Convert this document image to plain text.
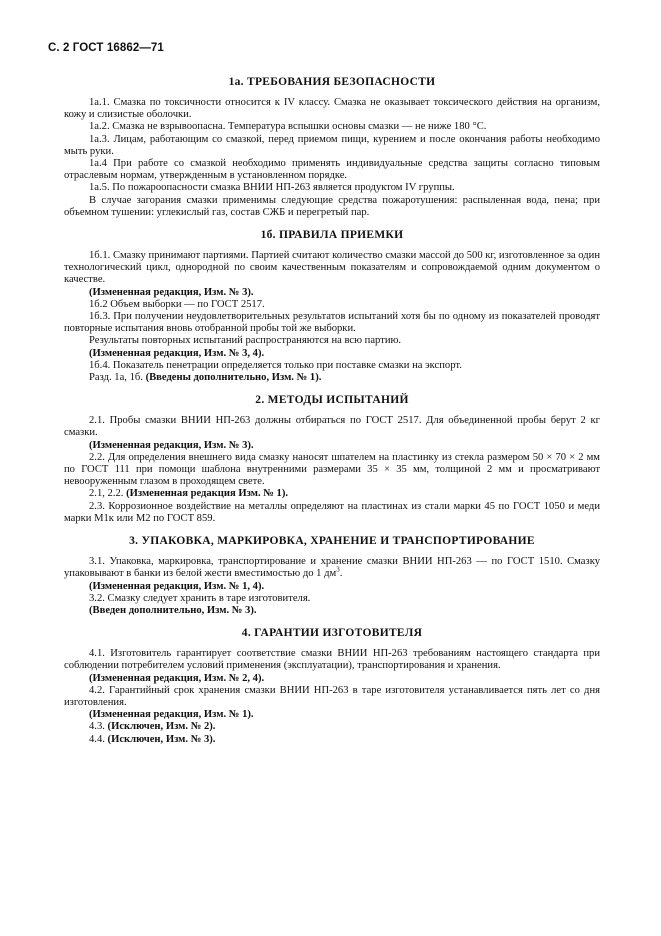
С. 2 ГОСТ 16862—71
1а. ТРЕБОВАНИЯ БЕЗОПАСНОСТИ

1а.1. Смазка по токсичности относится к IV классу. Смазка не оказывает токсического действия на организм, кожу и слизистые оболочки.

1а.2. Смазка не взрывоопасна. Температура вспышки основы смазки — не ниже 180 °С.

1а.3. Лицам, работающим со смазкой, перед приемом пищи, курением и после окончания работы необходимо мыть руки.

1а.4 При работе со смазкой необходимо применять индивидуальные средства защиты согласно типовым отраслевым нормам, утвержденным в установленном порядке.

1а.5. По пожароопасности смазка ВНИИ НП-263 является продуктом IV группы.

В случае загорания смазки применимы следующие средства пожаротушения: распыленная вода, пена; при объемном тушении: углекислый газ, состав СЖБ и перегретый пар.

1б. ПРАВИЛА ПРИЕМКИ

1б.1. Смазку принимают партиями. Партией считают количество смазки массой до 500 кг, изготовленное за один технологический цикл, однородной по своим качественным показателям и сопровождаемой одним документом о качестве.

(Измененная редакция, Изм. № 3).

1б.2 Объем выборки — по ГОСТ 2517.

1б.3. При получении неудовлетворительных результатов испытаний хотя бы по одному из показателей проводят повторные испытания вновь отобранной пробы той же выборки.

Результаты повторных испытаний распространяются на всю партию.

(Измененная редакция, Изм. № 3, 4).

1б.4. Показатель пенетрации определяется только при поставке смазки на экспорт.

Разд. 1а, 1б. (Введены дополнительно, Изм. № 1).

2. МЕТОДЫ ИСПЫТАНИЙ

2.1. Пробы смазки ВНИИ НП-263 должны отбираться по ГОСТ 2517. Для объединенной пробы берут 2 кг смазки.

(Измененная редакция, Изм. № 3).

2.2. Для определения внешнего вида смазку наносят шпателем на пластинку из стекла размером 50 × 70 × 2 мм по ГОСТ 111 при помощи шаблона внутренними размерами 35 × 35 мм, толщиной 2 мм и просматривают невооруженным глазом в проходящем свете.

2.1, 2.2. (Измененная редакция Изм. № 1).

2.3. Коррозионное воздействие на металлы определяют на пластинах из стали марки 45 по ГОСТ 1050 и меди марки М1к или М2 по ГОСТ 859.

3. УПАКОВКА, МАРКИРОВКА, ХРАНЕНИЕ И ТРАНСПОРТИРОВАНИЕ

3.1. Упаковка, маркировка, транспортирование и хранение смазки ВНИИ НП-263 — по ГОСТ 1510. Смазку упаковывают в банки из белой жести вместимостью до 1 $дм^3$.

(Измененная редакция, Изм. № 1, 4).

3.2. Смазку следует хранить в таре изготовителя.

(Введен дополнительно, Изм. № 3).

4. ГАРАНТИИ ИЗГОТОВИТЕЛЯ

4.1. Изготовитель гарантирует соответствие смазки ВНИИ НП-263 требованиям настоящего стандарта при соблюдении потребителем условий применения (эксплуатации), транспортирования и хранения.

(Измененная редакция, Изм. № 2, 4).

4.2. Гарантийный срок хранения смазки ВНИИ НП-263 в таре изготовителя устанавливается пять лет со дня изготовления.

(Измененная редакция, Изм. № 1).

4.3. (Исключен, Изм. № 2).

4.4. (Исключен, Изм. № 3).
